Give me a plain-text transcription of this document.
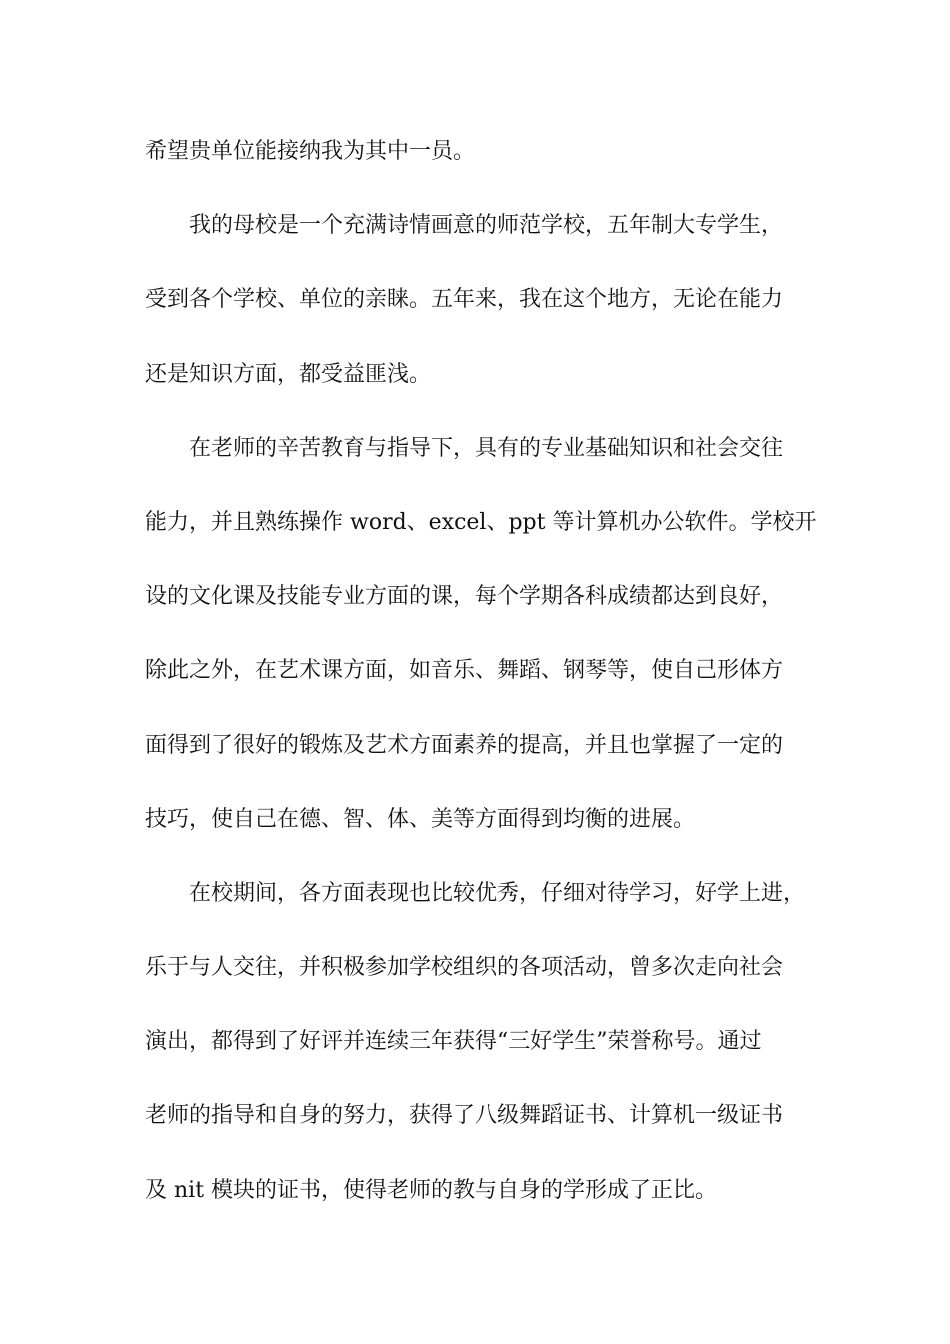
希望贵单位能接纳我为其中一员。
我的母校是一个充满诗情画意的师范学校，五年制大专学生，
受到各个学校、单位的亲睐。五年来，我在这个地方，无论在能力
还是知识方面，都受益匪浅。
在老师的辛苦教育与指导下，具有的专业基础知识和社会交往
能力，并且熟练操作 word、excel、ppt 等计算机办公软件。学校开
设的文化课及技能专业方面的课，每个学期各科成绩都达到良好，
除此之外，在艺术课方面，如音乐、舞蹈、钢琴等，使自己形体方
面得到了很好的锻炼及艺术方面素养的提高，并且也掌握了一定的
技巧，使自己在德、智、体、美等方面得到均衡的进展。
在校期间，各方面表现也比较优秀，仔细对待学习，好学上进，
乐于与人交往，并积极参加学校组织的各项活动，曾多次走向社会
演出，都得到了好评并连续三年获得“三好学生”荣誉称号。通过
老师的指导和自身的努力，获得了八级舞蹈证书、计算机一级证书
及 nit 模块的证书，使得老师的教与自身的学形成了正比。
